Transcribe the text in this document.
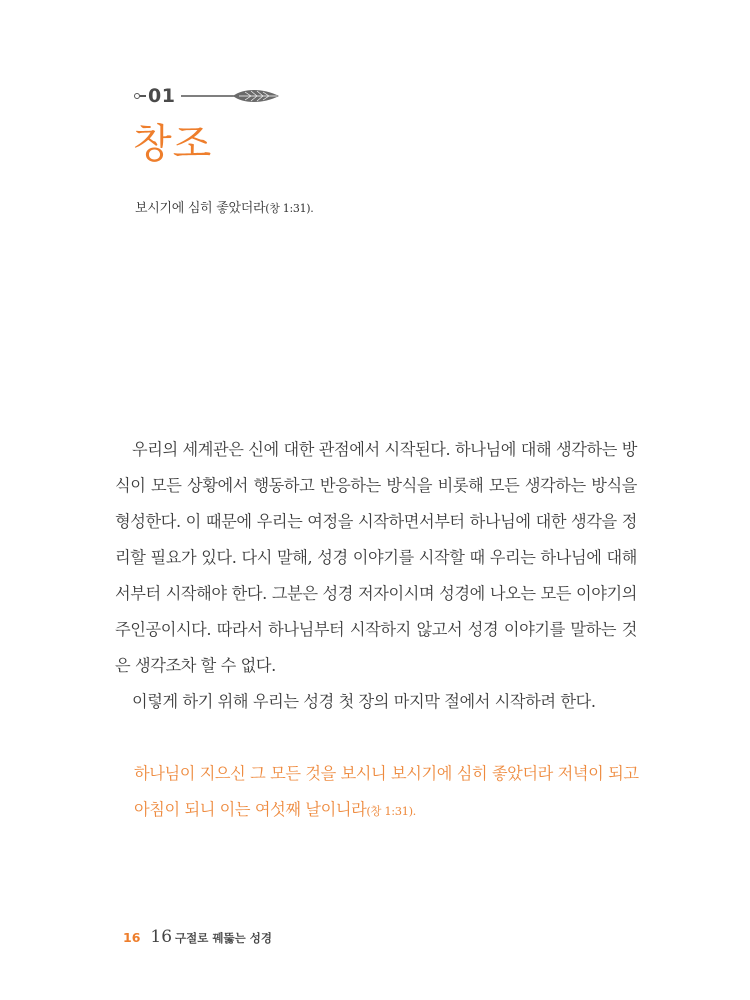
01
창조
보시기에 심히 좋았더라(창 1:31).

우리의 세계관은 신에 대한 관점에서 시작된다. 하나님에 대해 생각하는 방식이 모든 상황에서 행동하고 반응하는 방식을 비롯해 모든 생각하는 방식을 형성한다. 이 때문에 우리는 여정을 시작하면서부터 하나님에 대한 생각을 정리할 필요가 있다. 다시 말해, 성경 이야기를 시작할 때 우리는 하나님에 대해서부터 시작해야 한다. 그분은 성경 저자이시며 성경에 나오는 모든 이야기의 주인공이시다. 따라서 하나님부터 시작하지 않고서 성경 이야기를 말하는 것은 생각조차 할 수 없다.

이렇게 하기 위해 우리는 성경 첫 장의 마지막 절에서 시작하려 한다.

하나님이 지으신 그 모든 것을 보시니 보시기에 심히 좋았더라 저녁이 되고 아침이 되니 이는 여섯째 날이니라(창 1:31).
16 16 구절로 꿰뚫는 성경
